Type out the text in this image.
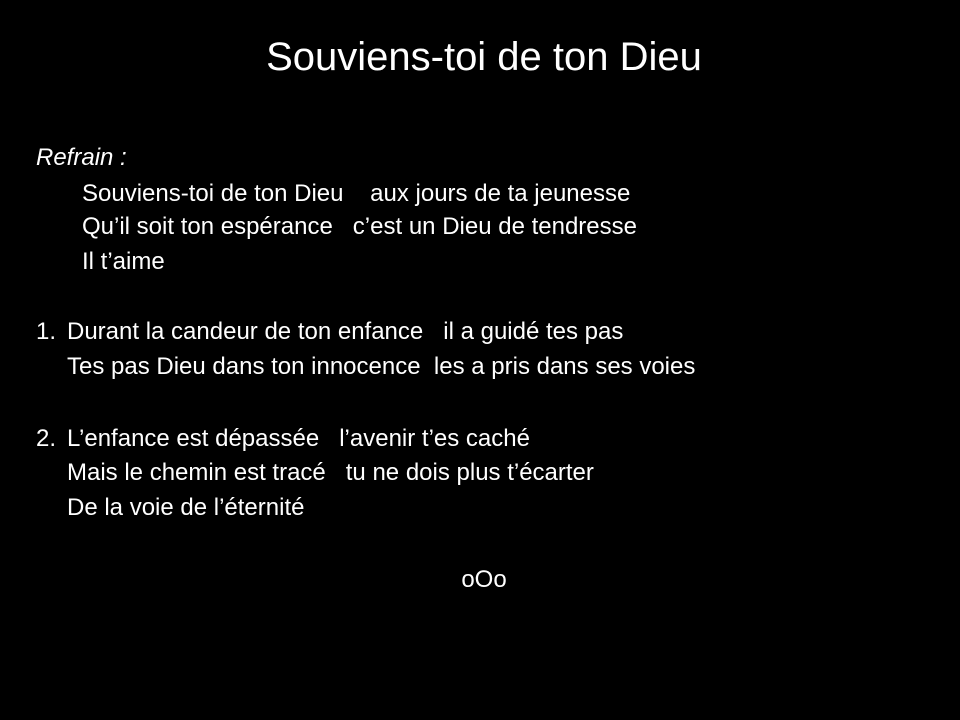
Souviens-toi de ton Dieu
Refrain :
Souviens-toi de ton Dieu    aux jours de ta jeunesse
Qu’il soit ton espérance   c’est un Dieu de tendresse
Il t’aime
1. Durant la candeur de ton enfance   il a guidé tes pas
Tes pas Dieu dans ton innocence  les a pris dans ses voies
2. L’enfance est dépassée   l’avenir t’es caché
Mais le chemin est tracé   tu ne dois plus t’écarter
De la voie de l’éternité
oOo
